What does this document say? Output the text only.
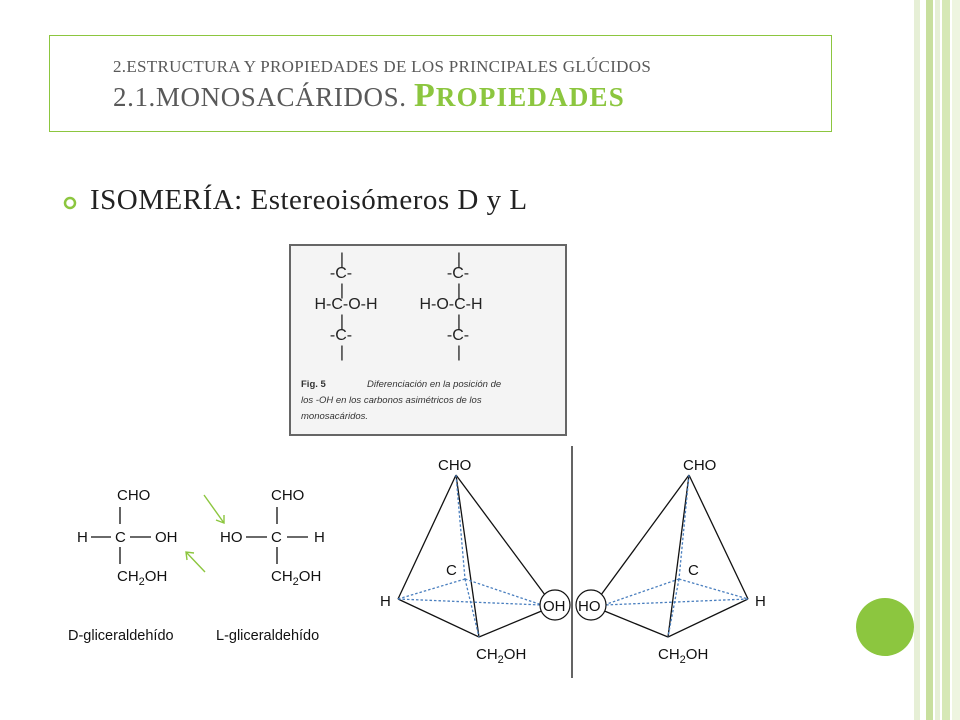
2.ESTRUCTURA Y PROPIEDADES DE LOS PRINCIPALES GLÚCIDOS
2.1.MONOSACÁRIDOS. PROPIEDADES
ISOMERÍA: Estereoisómeros D y L
|
-C-
|
H-C-O-H
|
-C-
|
|
-C-
|
H-O-C-H
|
-C-
|
Fig. 5	Diferenciación en la posición de
los -OH en los carbonos asimétricos de los
monosacáridos.
CHO
H C OH
$CH_2OH$
D-gliceraldehído
CHO
HO C H
$CH_2OH$
L-gliceraldehído
CHO
C
H	OH
$CH_2OH$
CHO
C
H
HO
$CH_2OH$
